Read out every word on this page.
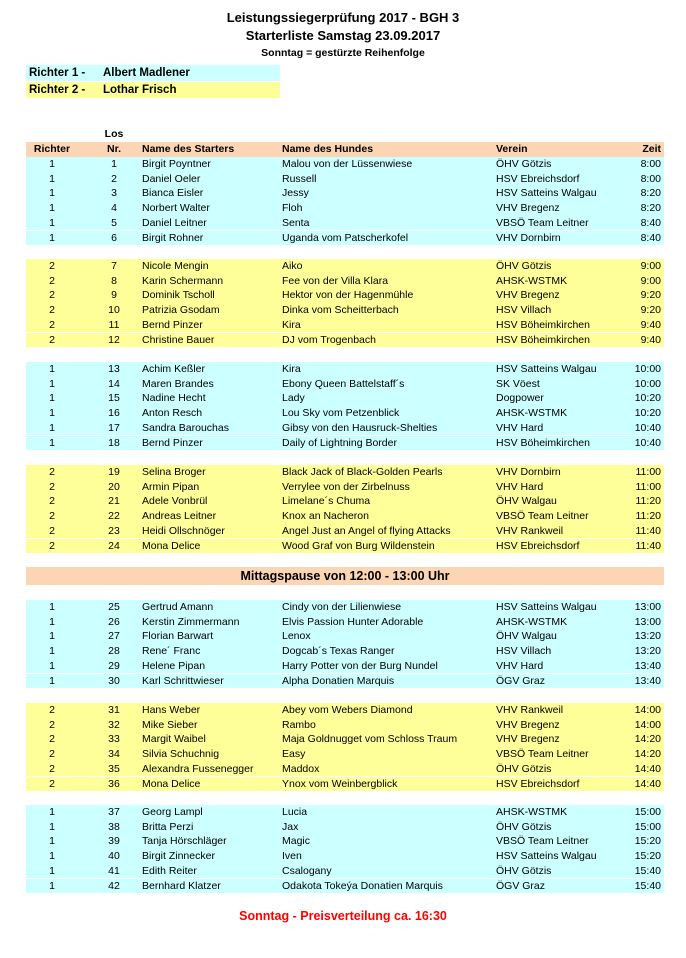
Leistungssiegerprüfung 2017 - BGH 3
Starterliste Samstag 23.09.2017
Sonntag = gestürzte Reihenfolge
Richter 1 - Albert Madlener
Richter 2 - Lothar Frisch
Los
Richter	Nr.	Name des Starters	Name des Hundes	Verein	Zeit
1	1	Birgit Poyntner	Malou von der Lüssenwiese	ÖHV Götzis	8:00
1	2	Daniel Oeler	Russell	HSV Ebreichsdorf	8:00
1	3	Bianca Eisler	Jessy	HSV Satteins Walgau	8:20
1	4	Norbert Walter	Floh	VHV Bregenz	8:20
1	5	Daniel Leitner	Senta	VBSÖ Team Leitner	8:40
1	6	Birgit Rohner	Uganda vom Patscherkofel	VHV Dornbirn	8:40
2	7	Nicole Mengin	Aiko	ÖHV Götzis	9:00
2	8	Karin Schermann	Fee von der Villa Klara	AHSK-WSTMK	9:00
2	9	Dominik Tscholl	Hektor von der Hagenmühle	VHV Bregenz	9:20
2	10	Patrizia Gsodam	Dinka vom Scheitterbach	HSV Villach	9:20
2	11	Bernd Pinzer	Kira	HSV Böheimkirchen	9:40
2	12	Christine Bauer	DJ vom Trogenbach	HSV Böheimkirchen	9:40
1	13	Achim Keßler	Kira	HSV Satteins Walgau	10:00
1	14	Maren Brandes	Ebony Queen Battelstaff´s	SK Vöest	10:00
1	15	Nadine Hecht	Lady	Dogpower	10:20
1	16	Anton Resch	Lou Sky vom Petzenblick	AHSK-WSTMK	10:20
1	17	Sandra Barouchas	Gibsy von den Hausruck-Shelties	VHV Hard	10:40
1	18	Bernd Pinzer	Daily of Lightning Border	HSV Böheimkirchen	10:40
2	19	Selina Broger	Black Jack of Black-Golden Pearls	VHV Dornbirn	11:00
2	20	Armin Pipan	Verrylee von der Zirbelnuss	VHV Hard	11:00
2	21	Adele Vonbrül	Limelane´s Chuma	ÖHV Walgau	11:20
2	22	Andreas Leitner	Knox an Nacheron	VBSÖ Team Leitner	11:20
2	23	Heidi Ollschnöger	Angel Just an Angel of flying Attacks	VHV Rankweil	11:40
2	24	Mona Delice	Wood Graf von Burg Wildenstein	HSV Ebreichsdorf	11:40
1	25	Gertrud Amann	Cindy von der Lilienwiese	HSV Satteins Walgau	13:00
1	26	Kerstin Zimmermann	Elvis Passion Hunter Adorable	AHSK-WSTMK	13:00
1	27	Florian Barwart	Lenox	ÖHV Walgau	13:20
1	28	Rene´ Franc	Dogcab´s Texas Ranger	HSV Villach	13:20
1	29	Helene Pipan	Harry Potter von der Burg Nundel	VHV Hard	13:40
1	30	Karl Schrittwieser	Alpha Donatien Marquis	ÖGV Graz	13:40
2	31	Hans Weber	Abey vom Webers Diamond	VHV Rankweil	14:00
2	32	Mike Sieber	Rambo	VHV Bregenz	14:00
2	33	Margit Waibel	Maja Goldnugget vom Schloss Traum	VHV Bregenz	14:20
2	34	Silvia Schuchnig	Easy	VBSÖ Team Leitner	14:20
2	35	Alexandra Fussenegger	Maddox	ÖHV Götzis	14:40
2	36	Mona Delice	Ynox vom Weinbergblick	HSV Ebreichsdorf	14:40
1	37	Georg Lampl	Lucia	AHSK-WSTMK	15:00
1	38	Britta Perzi	Jax	ÖHV Götzis	15:00
1	39	Tanja Hörschläger	Magic	VBSÖ Team Leitner	15:20
1	40	Birgit Zinnecker	Iven	HSV Satteins Walgau	15:20
1	41	Edith Reiter	Csalogany	ÖHV Götzis	15:40
1	42	Bernhard Klatzer	Odakota Tokeýa Donatien Marquis	ÖGV Graz	15:40
Mittagspause von 12:00 - 13:00 Uhr
Sonntag - Preisverteilung ca. 16:30
